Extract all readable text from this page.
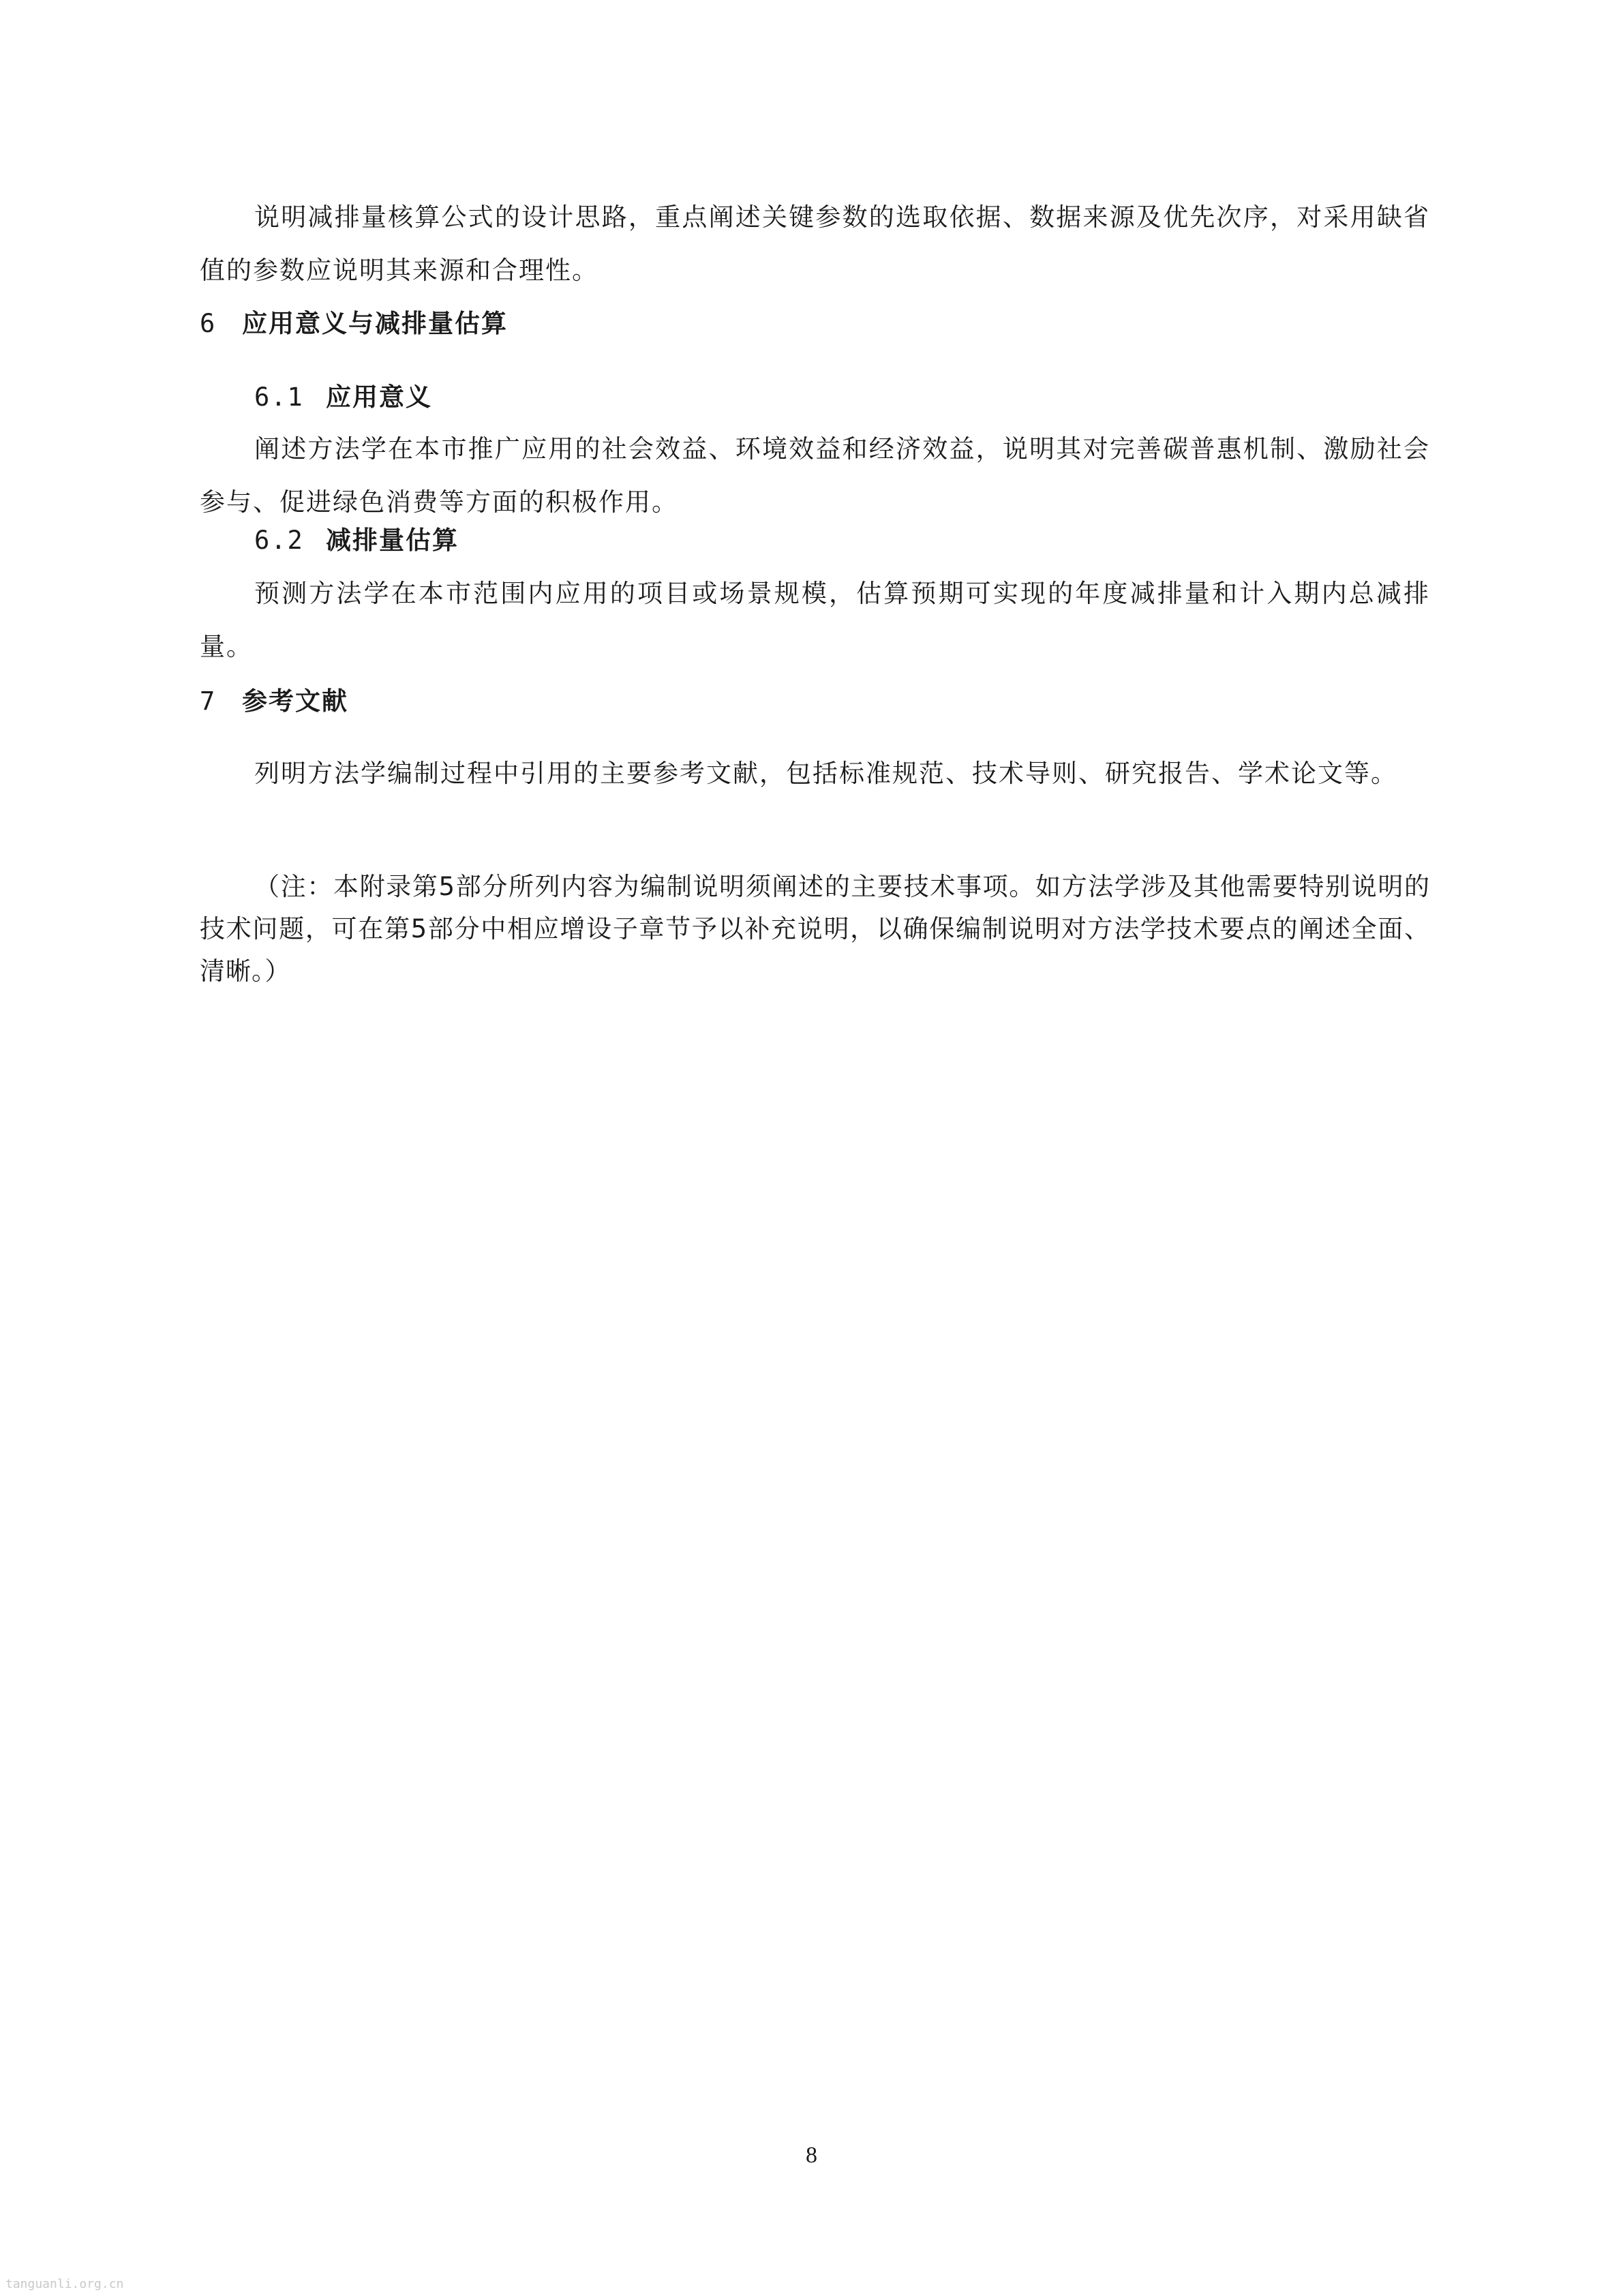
说明减排量核算公式的设计思路，重点阐述关键参数的选取依据、数据来源及优先次序，对采用缺省值的参数应说明其来源和合理性。

6 应用意义与减排量估算
6.1 应用意义

阐述方法学在本市推广应用的社会效益、环境效益和经济效益，说明其对完善碳普惠机制、激励社会参与、促进绿色消费等方面的积极作用。

6.2 减排量估算

预测方法学在本市范围内应用的项目或场景规模，估算预期可实现的年度减排量和计入期内总减排量。

7 参考文献

列明方法学编制过程中引用的主要参考文献，包括标准规范、技术导则、研究报告、学术论文等。

（注：本附录第5部分所列内容为编制说明须阐述的主要技术事项。如方法学涉及其他需要特别说明的技术问题，可在第5部分中相应增设子章节予以补充说明，以确保编制说明对方法学技术要点的阐述全面、清晰。）

8

tanguanli.org.cn
